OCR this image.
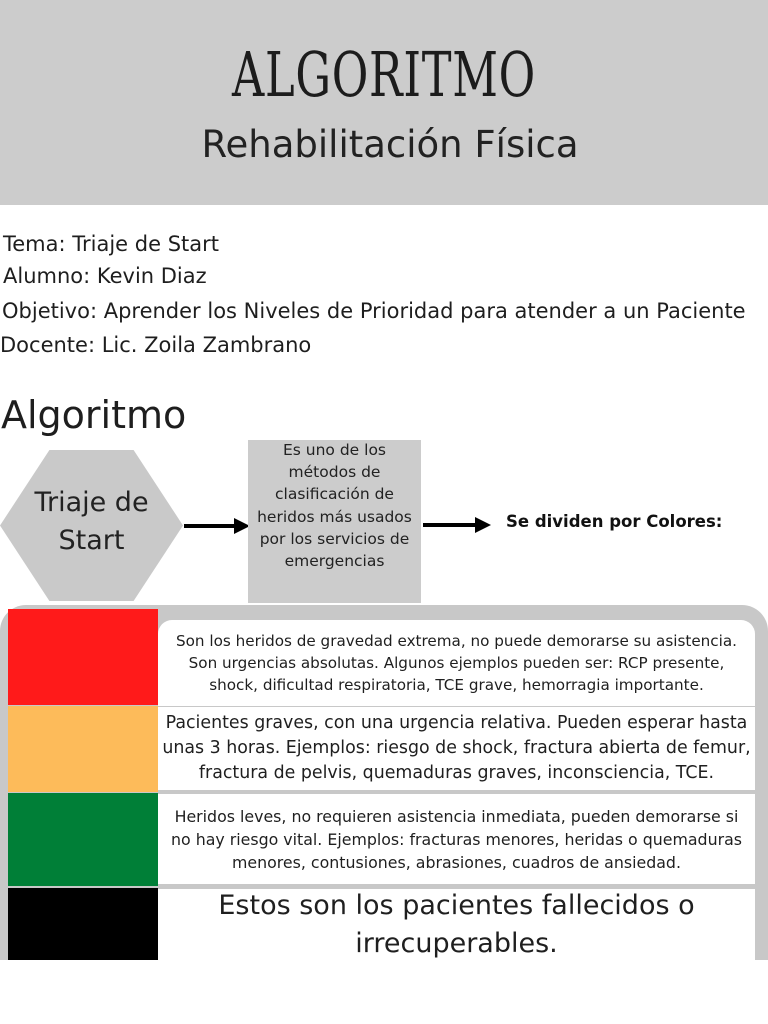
ALGORITMO
Rehabilitación Física
Tema: Triaje de Start
Alumno: Kevin Diaz
Objetivo: Aprender los Niveles de Prioridad para atender a un Paciente
Docente: Lic. Zoila Zambrano
Algoritmo
Triaje de
Start
Es uno de los métodos de clasificación de heridos más usados por los servicios de emergencias
Se dividen por Colores:
Son los heridos de gravedad extrema, no puede demorarse su asistencia. Son urgencias absolutas. Algunos ejemplos pueden ser: RCP presente, shock, dificultad respiratoria, TCE grave, hemorragia importante.
Pacientes graves, con una urgencia relativa. Pueden esperar hasta unas 3 horas. Ejemplos: riesgo de shock, fractura abierta de femur, fractura de pelvis, quemaduras graves, inconsciencia, TCE.
Heridos leves, no requieren asistencia inmediata, pueden demorarse si no hay riesgo vital. Ejemplos: fracturas menores, heridas o quemaduras menores, contusiones, abrasiones, cuadros de ansiedad.
Estos son los pacientes fallecidos o irrecuperables.
